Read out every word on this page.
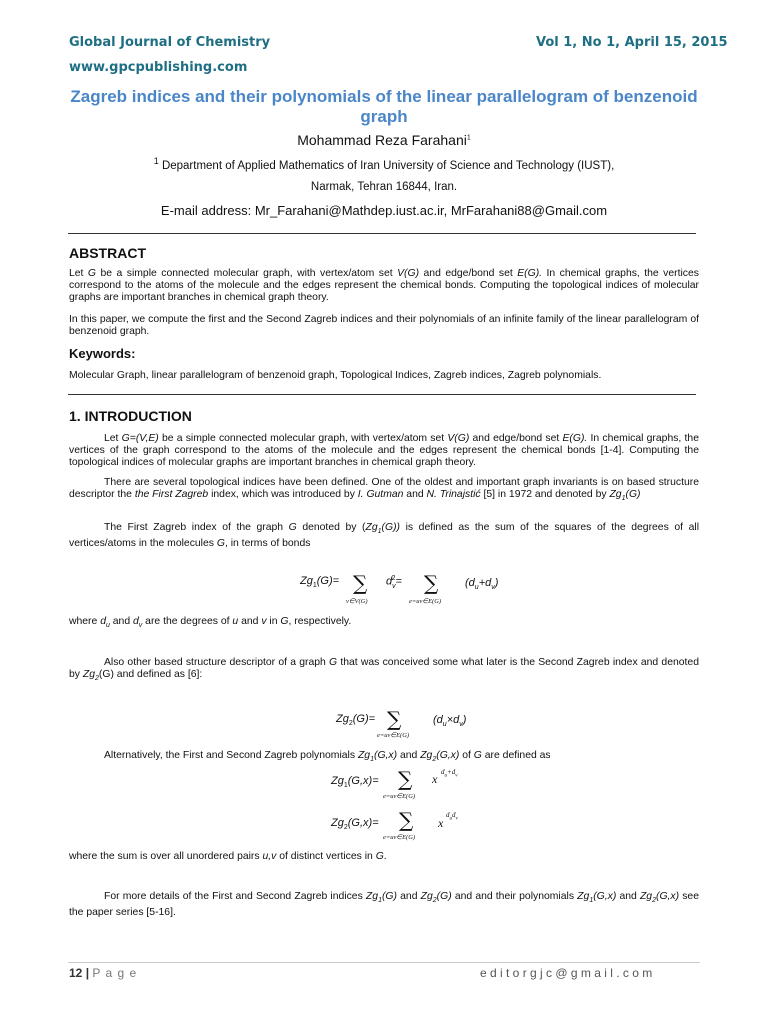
Global Journal of Chemistry	Vol 1, No 1, April 15, 2015
www.gpcpublishing.com
Zagreb indices and their polynomials of the linear parallelogram of benzenoid graph
Mohammad Reza Farahani$^1$
$^1$ Department of Applied Mathematics of Iran University of Science and Technology (IUST),
Narmak, Tehran 16844, Iran.
E-mail address: Mr_Farahani@Mathdep.iust.ac.ir, MrFarahani88@Gmail.com
ABSTRACT
Let G be a simple connected molecular graph, with vertex/atom set V(G) and edge/bond set E(G). In chemical graphs, the vertices correspond to the atoms of the molecule and the edges represent the chemical bonds. Computing the topological indices of molecular graphs are important branches in chemical graph theory.
In this paper, we compute the first and the Second Zagreb indices and their polynomials of an infinite family of the linear parallelogram of benzenoid graph.
Keywords:
Molecular Graph, linear parallelogram of benzenoid graph, Topological Indices, Zagreb indices, Zagreb polynomials.
1. INTRODUCTION
Let G=(V,E) be a simple connected molecular graph, with vertex/atom set V(G) and edge/bond set E(G). In chemical graphs, the vertices of the graph correspond to the atoms of the molecule and the edges represent the chemical bonds [1-4]. Computing the topological indices of molecular graphs are important branches in chemical graph theory.
There are several topological indices have been defined. One of the oldest and important graph invariants is on based structure descriptor the the First Zagreb index, which was introduced by I. Gutman and N. Trinajstić [5] in 1972 and denoted by $Zg_1(G)$
The First Zagreb index of the graph G denoted by $(Zg_1(G))$ is defined as the sum of the squares of the degrees of all vertices/atoms in the molecules G, in terms of bonds
$Zg_1(G)=$ ∑
v∈V(G)
$d_v^2=$ ∑
e=uv∈E(G)
$(d_u+d_v)$
where $d_u$ and $d_v$ are the degrees of u and v in G, respectively.
Also other based structure descriptor of a graph G that was conceived some what later is the Second Zagreb index and denoted by $Zg_2(G)$ and defined as [6]:
$Zg_2(G)=$ ∑
e=uv∈E(G)
$(d_u\times d_v)$
Alternatively, the First and Second Zagreb polynomials $Zg_1(G,x)$ and $Zg_2(G,x)$ of G are defined as
$Zg_1(G,x)=$ ∑
e=uv∈E(G)
x $d_u+d_v$
$Zg_2(G,x)=$ ∑
e=uv∈E(G)
x
$d_ud_v$
where the sum is over all unordered pairs u,v of distinct vertices in G.
For more details of the First and Second Zagreb indices $Zg_1(G)$ and $Zg_2(G)$ and and their polynomials $Zg_1(G,x)$ and $Zg_2(G,x)$ see the paper series [5-16].
12 | P a g e	e d i t o r g j c @ g m a i l . c o m
